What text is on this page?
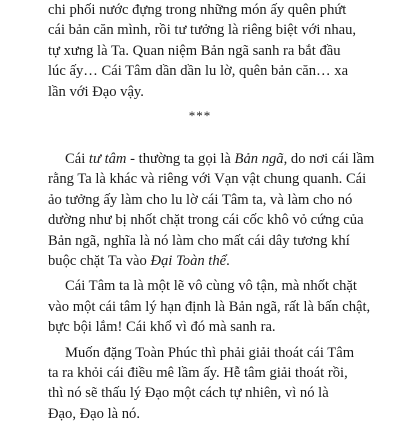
chi phối nước đựng trong những món ấy quên phứt
cái bản căn mình, rồi tư tưởng là riêng biệt với nhau,
tự xưng là Ta. Quan niệm Bản ngã sanh ra bắt đầu
lúc ấy… Cái Tâm dần dần lu lờ, quên bản căn… xa
lần với Đạo vậy.
***
Cái tư tâm - thường ta gọi là Bản ngã, do nơi cái lầm
rằng Ta là khác và riêng với Vạn vật chung quanh. Cái
ảo tưởng ấy làm cho lu lờ cái Tâm ta, và làm cho nó
dường như bị nhốt chặt trong cái cốc khô vỏ cứng của
Bản ngã, nghĩa là nó làm cho mất cái dây tương khí
buộc chặt Ta vào Đại Toàn thể.
Cái Tâm ta là một lẽ vô cùng vô tận, mà nhốt chặt
vào một cái tâm lý hạn định là Bản ngã, rất là bấn chật,
bực bội lắm! Cái khổ vì đó mà sanh ra.
Muốn đặng Toàn Phúc thì phải giải thoát cái Tâm
ta ra khỏi cái điều mê lầm ấy. Hễ tâm giải thoát rồi,
thì nó sẽ thấu lý Đạo một cách tự nhiên, vì nó là
Đạo, Đạo là nó.
